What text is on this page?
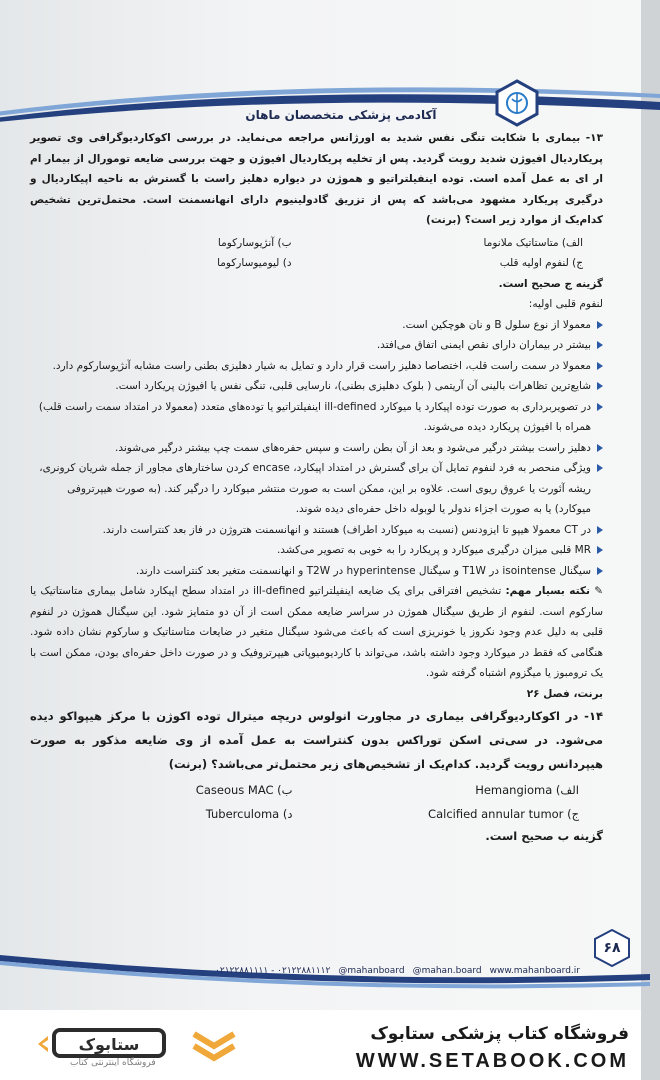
آکادمی پزشکی متخصصان ماهان

۱۳- بیماری با شکایت تنگی نفس شدید به اورژانس مراجعه می‌نماید. در بررسی اکوکاردیوگرافی وی تصویر پریکاردیال افیوژن شدید رویت گردید. پس از تخلیه پریکاردیال افیوژن و جهت بررسی ضایعه تومورال از بیمار ام ار ای به عمل آمده است. توده اینفیلتراتیو و هموژن در دیواره دهلیز راست با گسترش به ناحیه اپیکاردیال و درگیری پریکارد مشهود می‌باشد که پس از تزریق گادولینیوم دارای انهانسمنت است. محتمل‌ترین تشخیص کدام‌یک از موارد زیر است؟ (برنت)

الف) متاستاتیک ملانوما
ب) آنژیوسارکوما
ج) لنفوم اولیه قلب
د) لیومیوسارکوما

گزینه ج صحیح است.

لنفوم قلبی اولیه:

معمولا از نوع سلول B و نان هوچکین است.
بیشتر در بیماران دارای نقص ایمنی اتفاق می‌افتد.
معمولا در سمت راست قلب، اختصاصا دهلیز راست قرار دارد و تمایل به شیار دهلیزی بطنی راست مشابه آنژیوسارکوم دارد.
شایع‌ترین تظاهرات بالینی آن آریتمی ( بلوک دهلیزی بطنی)، نارسایی قلبی، تنگی نفس یا افیوژن پریکارد است.
در تصویربرداری به صورت توده اپیکارد یا میوکارد ill-defined اینفیلتراتیو یا توده‌های متعدد (معمولا در امتداد سمت راست قلب) همراه با افیوژن پریکارد دیده می‌شوند.
دهلیز راست بیشتر درگیر می‌شود و بعد از آن بطن راست و سپس حفره‌های سمت چپ بیشتر درگیر می‌شوند.
ویژگی منحصر به فرد لنفوم تمایل آن برای گسترش در امتداد اپیکارد، encase کردن ساختارهای مجاور از جمله شریان کرونری، ریشه آئورت یا عروق ریوی است. علاوه بر این، ممکن است به صورت منتشر میوکارد را درگیر کند. (به صورت هیپرتروفی میوکارد) یا به صورت اجزاء ندولر یا لوبوله داخل حفره‌ای دیده شوند.
در CT معمولا هیپو تا ایزودنس (نسبت به میوکارد اطراف) هستند و انهانسمنت هتروژن در فاز بعد کنتراست دارند.
MR قلبی میزان درگیری میوکارد و پریکارد را به خوبی به تصویر می‌کشد.
سیگنال isointense در T1W و سیگنال hyperintense در T2W و انهانسمنت متغیر بعد کنتراست دارند.

✎ نکته بسیار مهم: تشخیص افتراقی برای یک ضایعه اینفیلتراتیو ill-defined در امتداد سطح اپیکارد شامل بیماری متاستاتیک یا سارکوم است. لنفوم از طریق سیگنال هموژن در سراسر ضایعه ممکن است از آن دو متمایز شود. این سیگنال هموژن در لنفوم قلبی به دلیل عدم وجود نکروز یا خونریزی است که باعث می‌شود سیگنال متغیر در ضایعات متاستاتیک و سارکوم نشان داده شود. هنگامی که فقط در میوکارد وجود داشته باشد، می‌تواند با کاردیومیوپاتی هیپرتروفیک و در صورت داخل حفره‌ای بودن، ممکن است با یک ترومبوز یا میگزوم اشتباه گرفته شود.

برنت، فصل ۲۶

۱۴- در اکوکاردیوگرافی بیماری در مجاورت انولوس دریچه میترال توده اکوژن با مرکز هیپواکو دیده می‌شود. در سی‌تی اسکن توراکس بدون کنتراست به عمل آمده از وی ضایعه مذکور به صورت هیپردانس رویت گردید. کدام‌یک از تشخیص‌های زیر محتمل‌تر می‌باشد؟ (برنت)

الف) Hemangioma
ب) Caseous MAC
ج) Calcified annular tumor
د) Tuberculoma

گزینه ب صحیح است.

۰۲۱۲۲۸۸۱۱۱۱ - ۰۲۱۲۲۸۸۱۱۱۲ @mahanboard @mahan.board www.mahanboard.ir
۶۸
ستابوک
فروشگاه اینترنتی کتاب
فروشگاه کتاب پزشکی ستابوک
WWW.SETABOOK.COM
